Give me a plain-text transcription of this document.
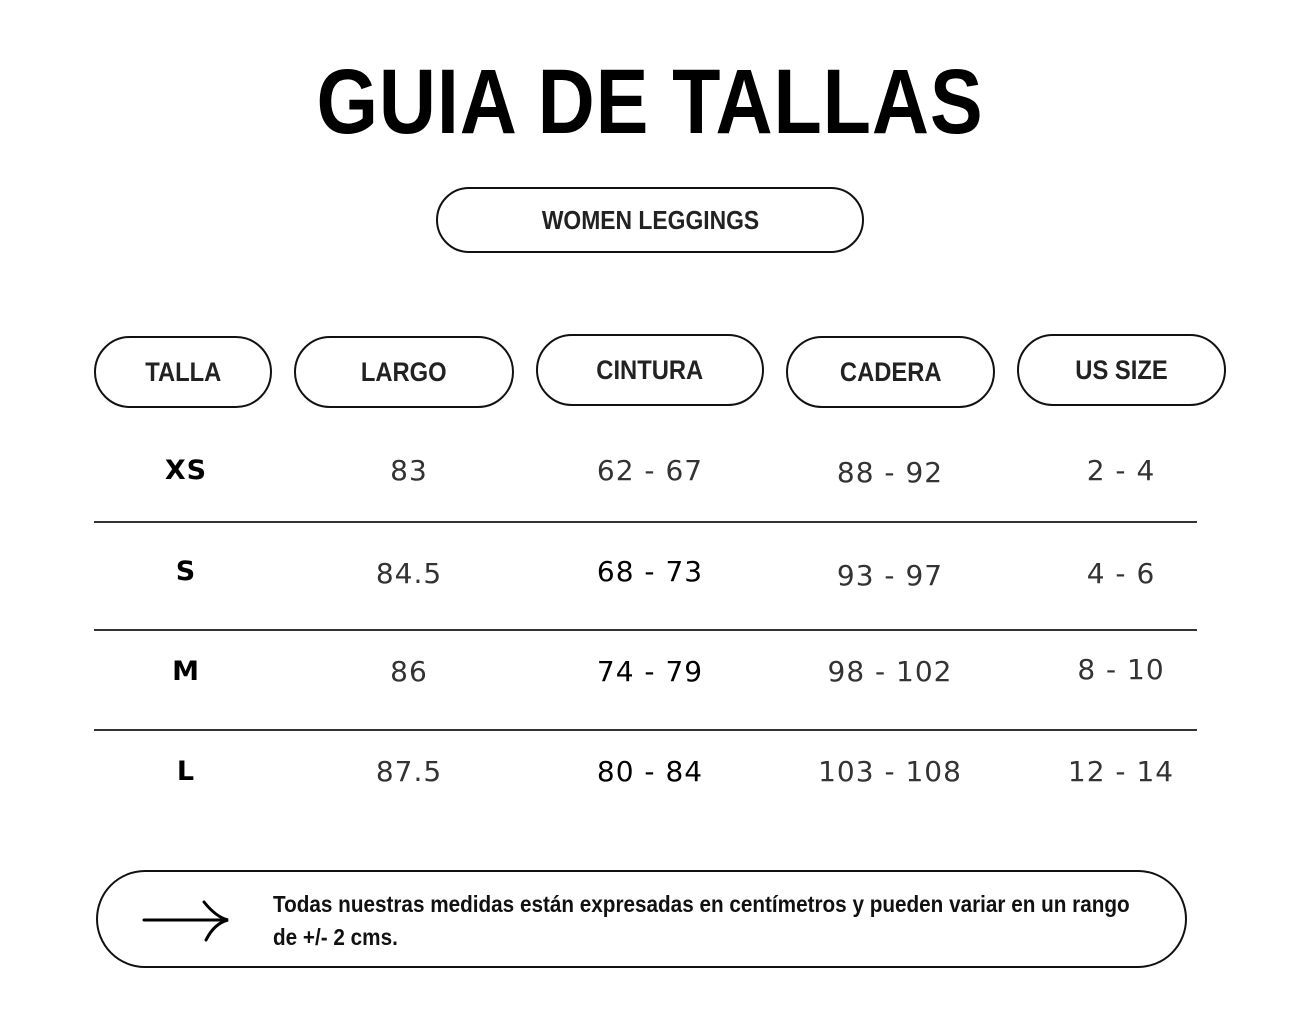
GUIA DE TALLAS
WOMEN LEGGINGS
TALLA	LARGO	CINTURA	CADERA	US SIZE
XS	83	62 - 67	88 - 92	2 - 4
S	84.5	68 - 73	93 - 97	4 - 6
M	86	74 - 79	98 - 102	8 - 10
L	87.5	80 - 84	103 - 108	12 - 14
Todas nuestras medidas están expresadas en centímetros y pueden variar en un rango de +/- 2 cms.
